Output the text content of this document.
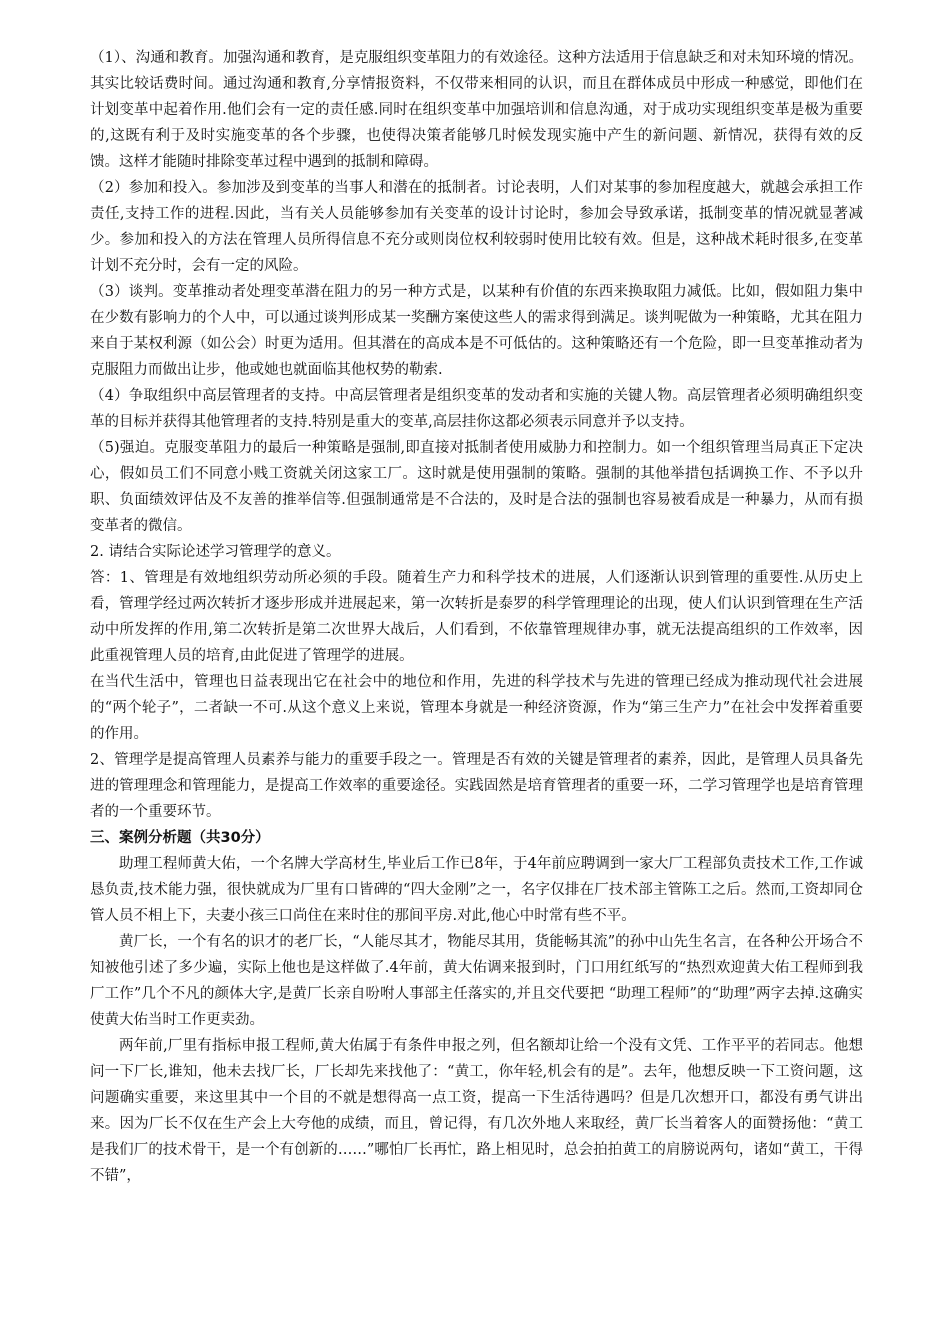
（1）、沟通和教育。加强沟通和教育，是克服组织变革阻力的有效途径。这种方法适用于信息缺乏和对未知环境的情况。其实比较话费时间。通过沟通和教育,分享情报资料，不仅带来相同的认识，而且在群体成员中形成一种感觉，即他们在计划变革中起着作用.他们会有一定的责任感.同时在组织变革中加强培训和信息沟通，对于成功实现组织变革是极为重要的,这既有利于及时实施变革的各个步骤，也使得决策者能够几时候发现实施中产生的新问题、新情况，获得有效的反馈。这样才能随时排除变革过程中遇到的抵制和障碍。

（2）参加和投入。参加涉及到变革的当事人和潜在的抵制者。讨论表明，人们对某事的参加程度越大，就越会承担工作责任,支持工作的进程.因此，当有关人员能够参加有关变革的设计讨论时，参加会导致承诺，抵制变革的情况就显著减少。参加和投入的方法在管理人员所得信息不充分或则岗位权利较弱时使用比较有效。但是，这种战术耗时很多,在变革计划不充分时，会有一定的风险。

（3）谈判。变革推动者处理变革潜在阻力的另一种方式是，以某种有价值的东西来换取阻力减低。比如，假如阻力集中在少数有影响力的个人中，可以通过谈判形成某一奖酬方案使这些人的需求得到满足。谈判呢做为一种策略，尤其在阻力来自于某权利源（如公会）时更为适用。但其潜在的高成本是不可低估的。这种策略还有一个危险，即一旦变革推动者为克服阻力而做出让步，他或她也就面临其他权势的勒索.

（4）争取组织中高层管理者的支持。中高层管理者是组织变革的发动者和实施的关键人物。高层管理者必须明确组织变革的目标并获得其他管理者的支持.特别是重大的变革,高层挂你这都必须表示同意并予以支持。

（5)强迫。克服变革阻力的最后一种策略是强制,即直接对抵制者使用威胁力和控制力。如一个组织管理当局真正下定决心，假如员工们不同意小贱工资就关闭这家工厂。这时就是使用强制的策略。强制的其他举措包括调换工作、不予以升职、负面绩效评估及不友善的推举信等.但强制通常是不合法的，及时是合法的强制也容易被看成是一种暴力，从而有损变革者的微信。

2. 请结合实际论述学习管理学的意义。

答：1、管理是有效地组织劳动所必须的手段。随着生产力和科学技术的进展，人们逐渐认识到管理的重要性.从历史上看，管理学经过两次转折才逐步形成并进展起来，第一次转折是泰罗的科学管理理论的出现，使人们认识到管理在生产活动中所发挥的作用,第二次转折是第二次世界大战后，人们看到，不依靠管理规律办事，就无法提高组织的工作效率，因此重视管理人员的培育,由此促进了管理学的进展。

在当代生活中，管理也日益表现出它在社会中的地位和作用，先进的科学技术与先进的管理已经成为推动现代社会进展的“两个轮子”，二者缺一不可.从这个意义上来说，管理本身就是一种经济资源，作为“第三生产力”在社会中发挥着重要的作用。

2、管理学是提高管理人员素养与能力的重要手段之一。管理是否有效的关键是管理者的素养，因此，是管理人员具备先进的管理理念和管理能力，是提高工作效率的重要途径。实践固然是培育管理者的重要一环，二学习管理学也是培育管理者的一个重要环节。

三、案例分析题（共30分）

助理工程师黄大佑，一个名牌大学高材生,毕业后工作已8年，于4年前应聘调到一家大厂工程部负责技术工作,工作诚恳负责,技术能力强，很快就成为厂里有口皆碑的“四大金刚”之一，名字仅排在厂技术部主管陈工之后。然而,工资却同仓管人员不相上下，夫妻小孩三口尚住在来时住的那间平房.对此,他心中时常有些不平。

黄厂长，一个有名的识才的老厂长，“人能尽其才，物能尽其用，货能畅其流”的孙中山先生名言，在各种公开场合不知被他引述了多少遍，实际上他也是这样做了.4年前，黄大佑调来报到时，门口用红纸写的“热烈欢迎黄大佑工程师到我厂工作”几个不凡的颜体大字,是黄厂长亲自吩咐人事部主任落实的,并且交代要把 “助理工程师”的“助理”两字去掉.这确实使黄大佑当时工作更卖劲。

两年前,厂里有指标申报工程师,黄大佑属于有条件申报之列，但名额却让给一个没有文凭、工作平平的若同志。他想问一下厂长,谁知，他未去找厂长，厂长却先来找他了：“黄工，你年轻,机会有的是”。去年，他想反映一下工资问题，这问题确实重要，来这里其中一个目的不就是想得高一点工资，提高一下生活待遇吗？但是几次想开口，都没有勇气讲出来。因为厂长不仅在生产会上大夸他的成绩，而且，曾记得，有几次外地人来取经，黄厂长当着客人的面赞扬他：“黄工是我们厂的技术骨干，是一个有创新的……”哪怕厂长再忙，路上相见时，总会拍拍黄工的肩膀说两句，诸如“黄工，干得不错”，
